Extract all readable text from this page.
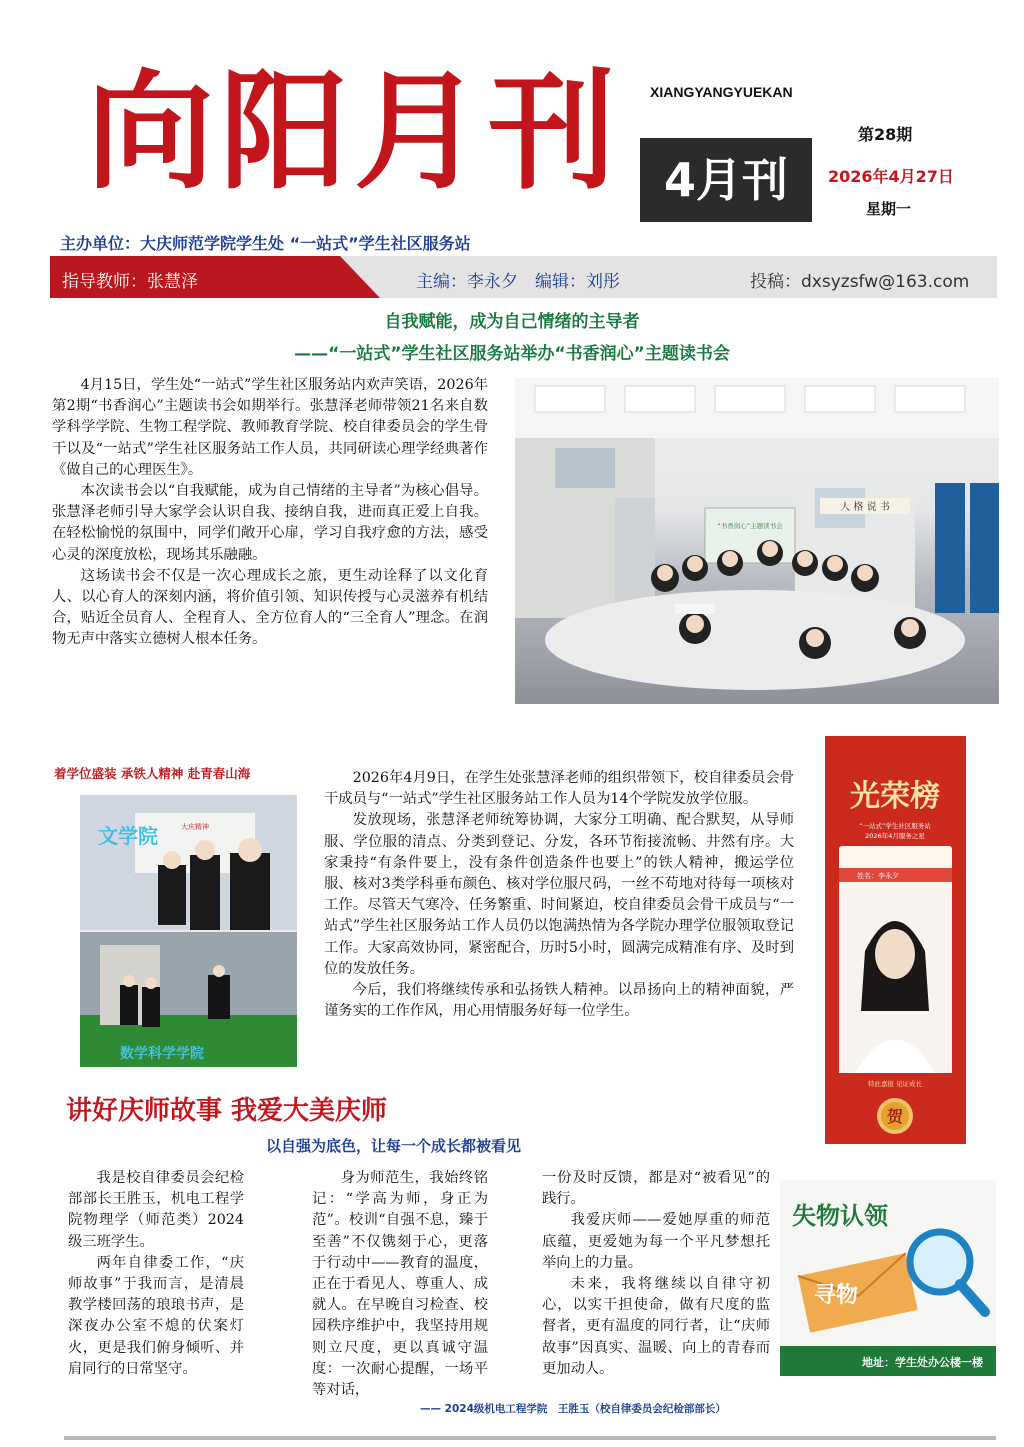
向阳月刊 XIANGYANGYUEKAN
4月刊
第28期
2026年4月27日
星期一
主办单位：大庆师范学院学生处 “一站式”学生社区服务站
指导教师：张慧泽	主编：李永夕　编辑：刘彤	投稿：dxsyzsfw@163.com
自我赋能，成为自己情绪的主导者
——“一站式”学生社区服务站举办“书香润心”主题读书会

4月15日，学生处“一站式”学生社区服务站内欢声笑语，2026年第2期“书香润心”主题读书会如期举行。张慧泽老师带领21名来自数学科学学院、生物工程学院、教师教育学院、校自律委员会的学生骨干以及“一站式”学生社区服务站工作人员，共同研读心理学经典著作《做自己的心理医生》。

本次读书会以“自我赋能，成为自己情绪的主导者”为核心倡导。张慧泽老师引导大家学会认识自我、接纳自我，进而真正爱上自我。在轻松愉悦的氛围中，同学们敞开心扉，学习自我疗愈的方法，感受心灵的深度放松，现场其乐融融。

这场读书会不仅是一次心理成长之旅，更生动诠释了以文化育人、以心育人的深刻内涵，将价值引领、知识传授与心灵滋养有机结合，贴近全员育人、全程育人、全方位育人的“三全育人”理念。在润物无声中落实立德树人根本任务。

人 格 说 书
“书香润心”主题读书会
着学位盛装 承铁人精神 赴青春山海
大庆精神
文学院
数学科学学院

2026年4月9日，在学生处张慧泽老师的组织带领下，校自律委员会骨干成员与“一站式”学生社区服务站工作人员为14个学院发放学位服。

发放现场，张慧泽老师统筹协调，大家分工明确、配合默契，从导师服、学位服的清点、分类到登记、分发，各环节衔接流畅、井然有序。大家秉持“有条件要上，没有条件创造条件也要上”的铁人精神，搬运学位服、核对3类学科垂布颜色、核对学位服尺码，一丝不苟地对待每一项核对工作。尽管天气寒冷、任务繁重、时间紧迫，校自律委员会骨干成员与“一站式”学生社区服务站工作人员仍以饱满热情为各学院办理学位服领取登记工作。大家高效协同，紧密配合，历时5小时，圆满完成精准有序、及时到位的发放任务。

今后，我们将继续传承和弘扬铁人精神。以昂扬向上的精神面貌，严谨务实的工作作风，用心用情服务好每一位学生。

光荣榜
“一站式”学生社区服务站
2026年4月服务之星
姓名：李永夕
特此嘉报 见证成长
贺
讲好庆师故事 我爱大美庆师
以自强为底色，让每一个成长都被看见

我是校自律委员会纪检部部长王胜玉，机电工程学院物理学（师范类）2024级三班学生。

两年自律委工作，“庆师故事”于我而言，是清晨教学楼回荡的琅琅书声，是深夜办公室不熄的伏案灯火，更是我们俯身倾听、并肩同行的日常坚守。

身为师范生，我始终铭记：“学高为师，身正为范”。校训“自强不息，臻于至善”不仅镌刻于心，更落于行动中——教育的温度，正在于看见人、尊重人、成就人。在早晚自习检查、校园秩序维护中，我坚持用规则立尺度，更以真诚守温度：一次耐心提醒，一场平等对话，

一份及时反馈，都是对“被看见”的践行。

我爱庆师——爱她厚重的师范底蕴，更爱她为每一个平凡梦想托举向上的力量。

未来，我将继续以自律守初心，以实干担使命，做有尺度的监督者，更有温度的同行者，让“庆师故事”因真实、温暖、向上的青春而更加动人。

—— 2024级机电工程学院　王胜玉（校自律委员会纪检部部长）
失物认领
寻物
地址：学生处办公楼一楼
